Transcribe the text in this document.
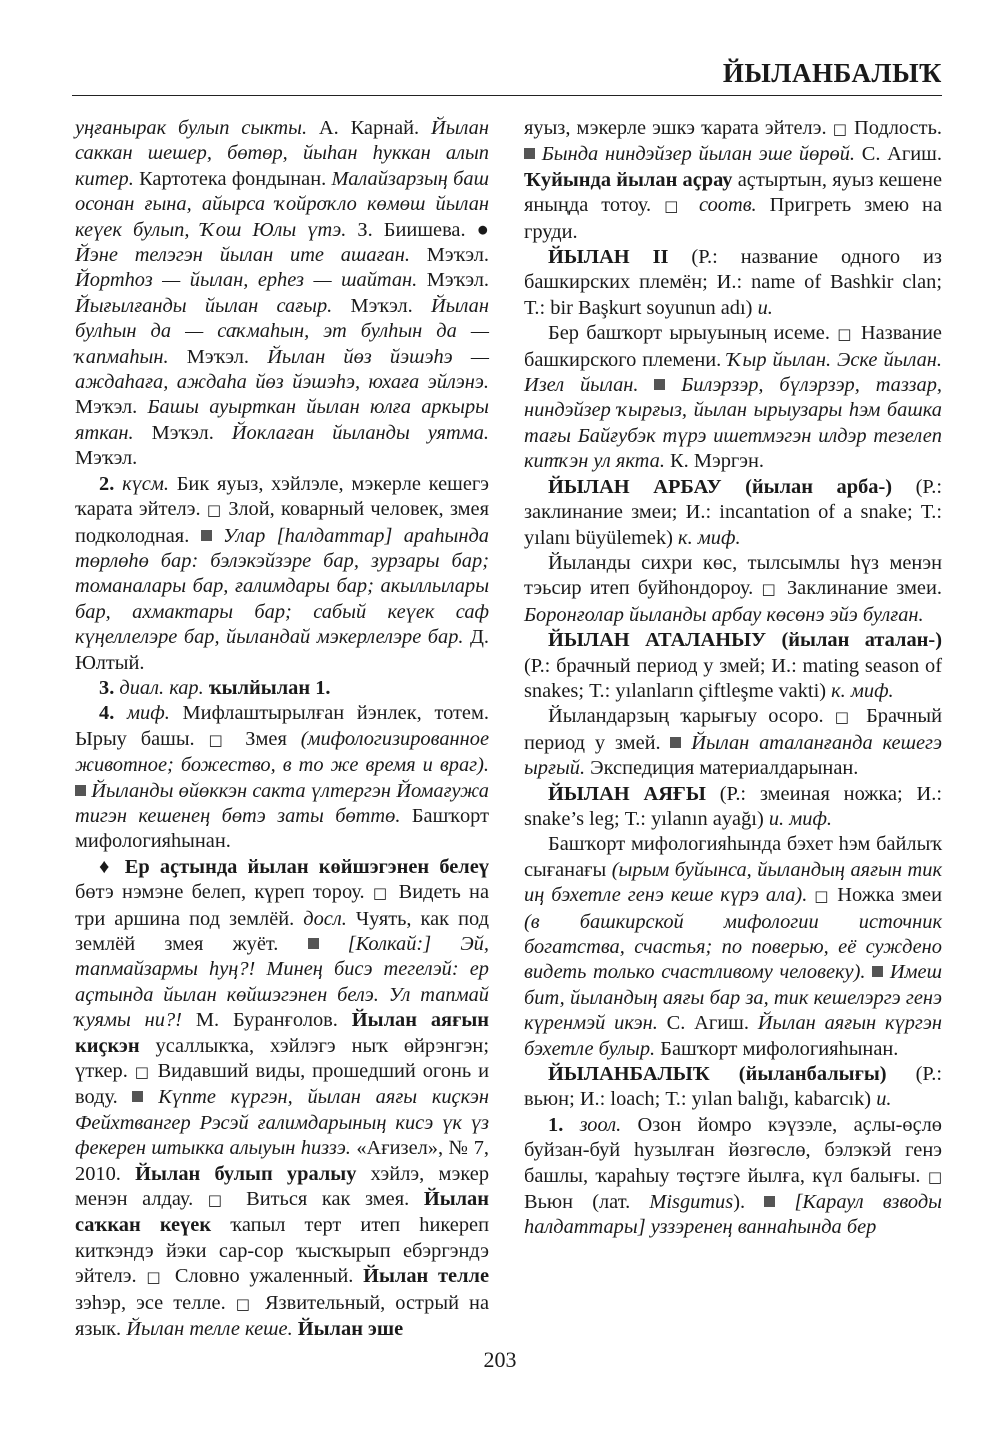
ЙЫЛАНБАЛЫҠ

уңғанырак булып сыкты. А. Карнай. Йылан саккан шешер, бөтөр, йыһан һуккан алып китер. Картотека фондынан. Малайзарзың баш осонан ғына, айырса ҡойроҡло көмөш йылан кеүек булып, Ҡош Юлы үтэ. З. Биишева. ● Йэне телэгэн йылан ите ашаған. Мэҡэл. Йортһоз — йылан, ерһез — шайтан. Мэҡэл. Йығылғанды йылан сағыр. Мэҡэл. Йылан булһын да — саҡмаһын, эт булһын да — ҡапмаһын. Мэҡэл. Йылан йөз йэшэһэ — аждаһаға, аждаһа йөз йэшэһэ, юхаға эйлэнэ. Мэҡэл. Башы ауырткан йылан юлға аркыры яткан. Мэҡэл. Йоклаған йыланды уятма. Мэҡэл.

2. күсм. Бик яуыз, хэйлэле, мэкерле кешегэ ҡарата эйтелэ. □ Злой, коварный человек, змея подколодная.  Улар [һалдаттар] араһында төрлөһө бар: бэлэкэйзэре бар, зурзары бар; томаналары бар, ғалимдары бар; акыллылары бар, ахмактары бар; сабый кеүек саф күңеллелэре бар, йыландай мэкерлелэре бар. Д. Юлтый.

3. диал. кар. ҡылйылан 1.

4. миф. Мифлаштырылған йэнлек, тотем. Ырыу башы. □ Змея (мифологизированное животное; божество, в то же время и враг).  Йыланды өйөккэн сакта үлтергэн Йомағужа тигэн кешенең бөтэ заты бөттө. Башҡорт мифологияһынан.

♦ Ер аҫтында йылан көйшэгэнен белеү бөтэ нэмэне белеп, күреп тороу. □ Видеть на три аршина под землёй. досл. Чуять, как под землёй змея жуёт.  [Колкай:] Эй, тапмайзармы һуң?! Минең бисэ тегелэй: ер аҫтында йылан көйшэгэнен белэ. Ул тапмай ҡуямы ни?! М. Буранғолов. Йылан аяғын киҫкэн усаллыкҡа, хэйлэгэ ныҡ өйрэнгэн; үткер. □ Видавший виды, прошедший огонь и воду.  Күпте күргэн, йылан аяғы киҫкэн Фейхтвангер Рэсэй ғалимдарының кисэ үк үз фекерен штыкка алыуын һиззэ. «Ағизел», № 7, 2010. Йылан булып уралыу хэйлэ, мэкер менэн алдау. □ Виться как змея. Йылан саҡкан кеүек ҡапыл терт итеп һикереп киткэндэ йэки сар-сор ҡысҡырып ебэргэндэ эйтелэ. □ Словно ужаленный. Йылан телле зэһэр, эсе телле. □ Язвительный, острый на язык. Йылан телле кеше. Йылан эше

яуыз, мэкерле эшкэ ҡарата эйтелэ. □ Подлость.  Бында ниндэйзер йылан эше йөрөй. С. Агиш. Ҡуйында йылан аҫрау аҫтыртын, яуыз кешене яныңда тотоу. □ соотв. Пригреть змею на груди.

ЙЫЛАН II (Р.: название одного из башкирских племён; И.: name of Bashkir clan; Т.: bir Başkurt soyunun adı) и.

Бер башҡорт ырыуының исеме. □ Название башкирского племени. Ҡыр йылан. Эске йылан. Изел йылан. Билэрзэр, бүлэрзэр, таззар, ниндэйзер ҡырғыз, йылан ырыузары һэм башка тағы Байғубэк түрэ ишетмэгэн илдэр тезелеп китҡэн ул якта. К. Мэргэн.

ЙЫЛАН АРБАУ (йылан арба-) (Р.: заклинание змеи; И.: incantation of a snake; Т.: yılanı büyülemek) к. миф.

Йыланды сихри көс, тылсымлы һүз менэн тэьсир итеп буйһондороу. □ Заклинание змеи. Боронғолар йыланды арбау көсөнэ эйэ булған.

ЙЫЛАН АТАЛАНЫУ (йылан аталан-) (Р.: брачный период у змей; И.: mating season of snakes; Т.: yılanların çiftleşme vakti) к. миф.

Йыландарзың ҡарығыу осоро. □ Брачный период у змей.  Йылан аталанғанда кешегэ ырғый. Экспедиция материалдарынан.

ЙЫЛАН АЯҒЫ (Р.: змеиная ножка; И.: snake’s leg; Т.: yılanın ayağı) и. миф.

Башҡорт мифологияһында бэхет һэм байлыҡ сығанағы (ырым буйынса, йыландың аяғын тик иң бэхетле генэ кеше күрэ ала). □ Ножка змеи (в башкирской мифологии источник богатства, счастья; по поверью, её суждено видеть только счастливому человеку). Имеш бит, йыландың аяғы бар за, тик кешелэргэ генэ күренмэй икэн. С. Агиш. Йылан аяғын күргэн бэхетле булыр. Башҡорт мифологияһынан.

ЙЫЛАНБАЛЫҠ (йыланбалығы) (Р.: вьюн; И.: loach; Т.: yılan balığı, kabarcık) и.

1. зоол. Озон йомро кэүзэле, аҫлы-өҫлө буйзан-буй һузылған йөзгөслө, бэлэкэй генэ башлы, ҡараһыу төҫтэге йылға, күл балығы. □ Вьюн (лат. Misgumus).  [Караул взводы һалдаттары] уззэренең ваннаһында бер

203
